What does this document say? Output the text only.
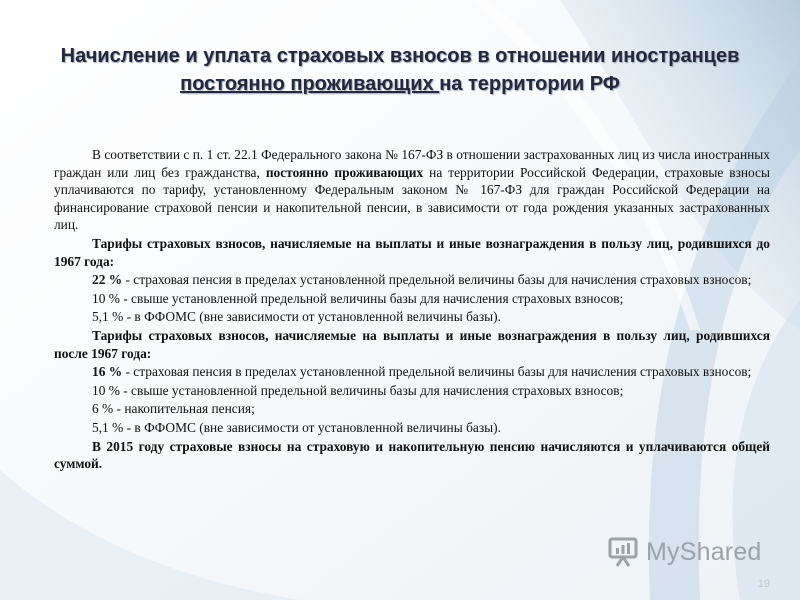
Начисление и уплата страховых взносов в отношении иностранцев
постоянно проживающих на территории РФ

В соответствии с п. 1 ст. 22.1 Федерального закона № 167-ФЗ в отношении застрахованных лиц из числа иностранных граждан или лиц без гражданства, постоянно проживающих на территории Российской Федерации, страховые взносы уплачиваются по тарифу, установленному Федеральным законом № 167-ФЗ для граждан Российской Федерации на финансирование страховой пенсии и накопительной пенсии, в зависимости от года рождения указанных застрахованных лиц.

Тарифы страховых взносов, начисляемые на выплаты и иные вознаграждения в пользу лиц, родившихся до 1967 года:

22 % - страховая пенсия в пределах установленной предельной величины базы для начисления страховых взносов;

10 % - свыше установленной предельной величины базы для начисления страховых взносов;

5,1 % - в ФФОМС (вне зависимости от установленной величины базы).

Тарифы страховых взносов, начисляемые на выплаты и иные вознаграждения в пользу лиц, родившихся после 1967 года:

16 % - страховая пенсия в пределах установленной предельной величины базы для начисления страховых взносов;

10 % - свыше установленной предельной величины базы для начисления страховых взносов;

6 % - накопительная пенсия;

5,1 % - в ФФОМС (вне зависимости от установленной величины базы).

В 2015 году страховые взносы на страховую и накопительную пенсию начисляются и уплачиваются общей суммой.

MyShared
19
